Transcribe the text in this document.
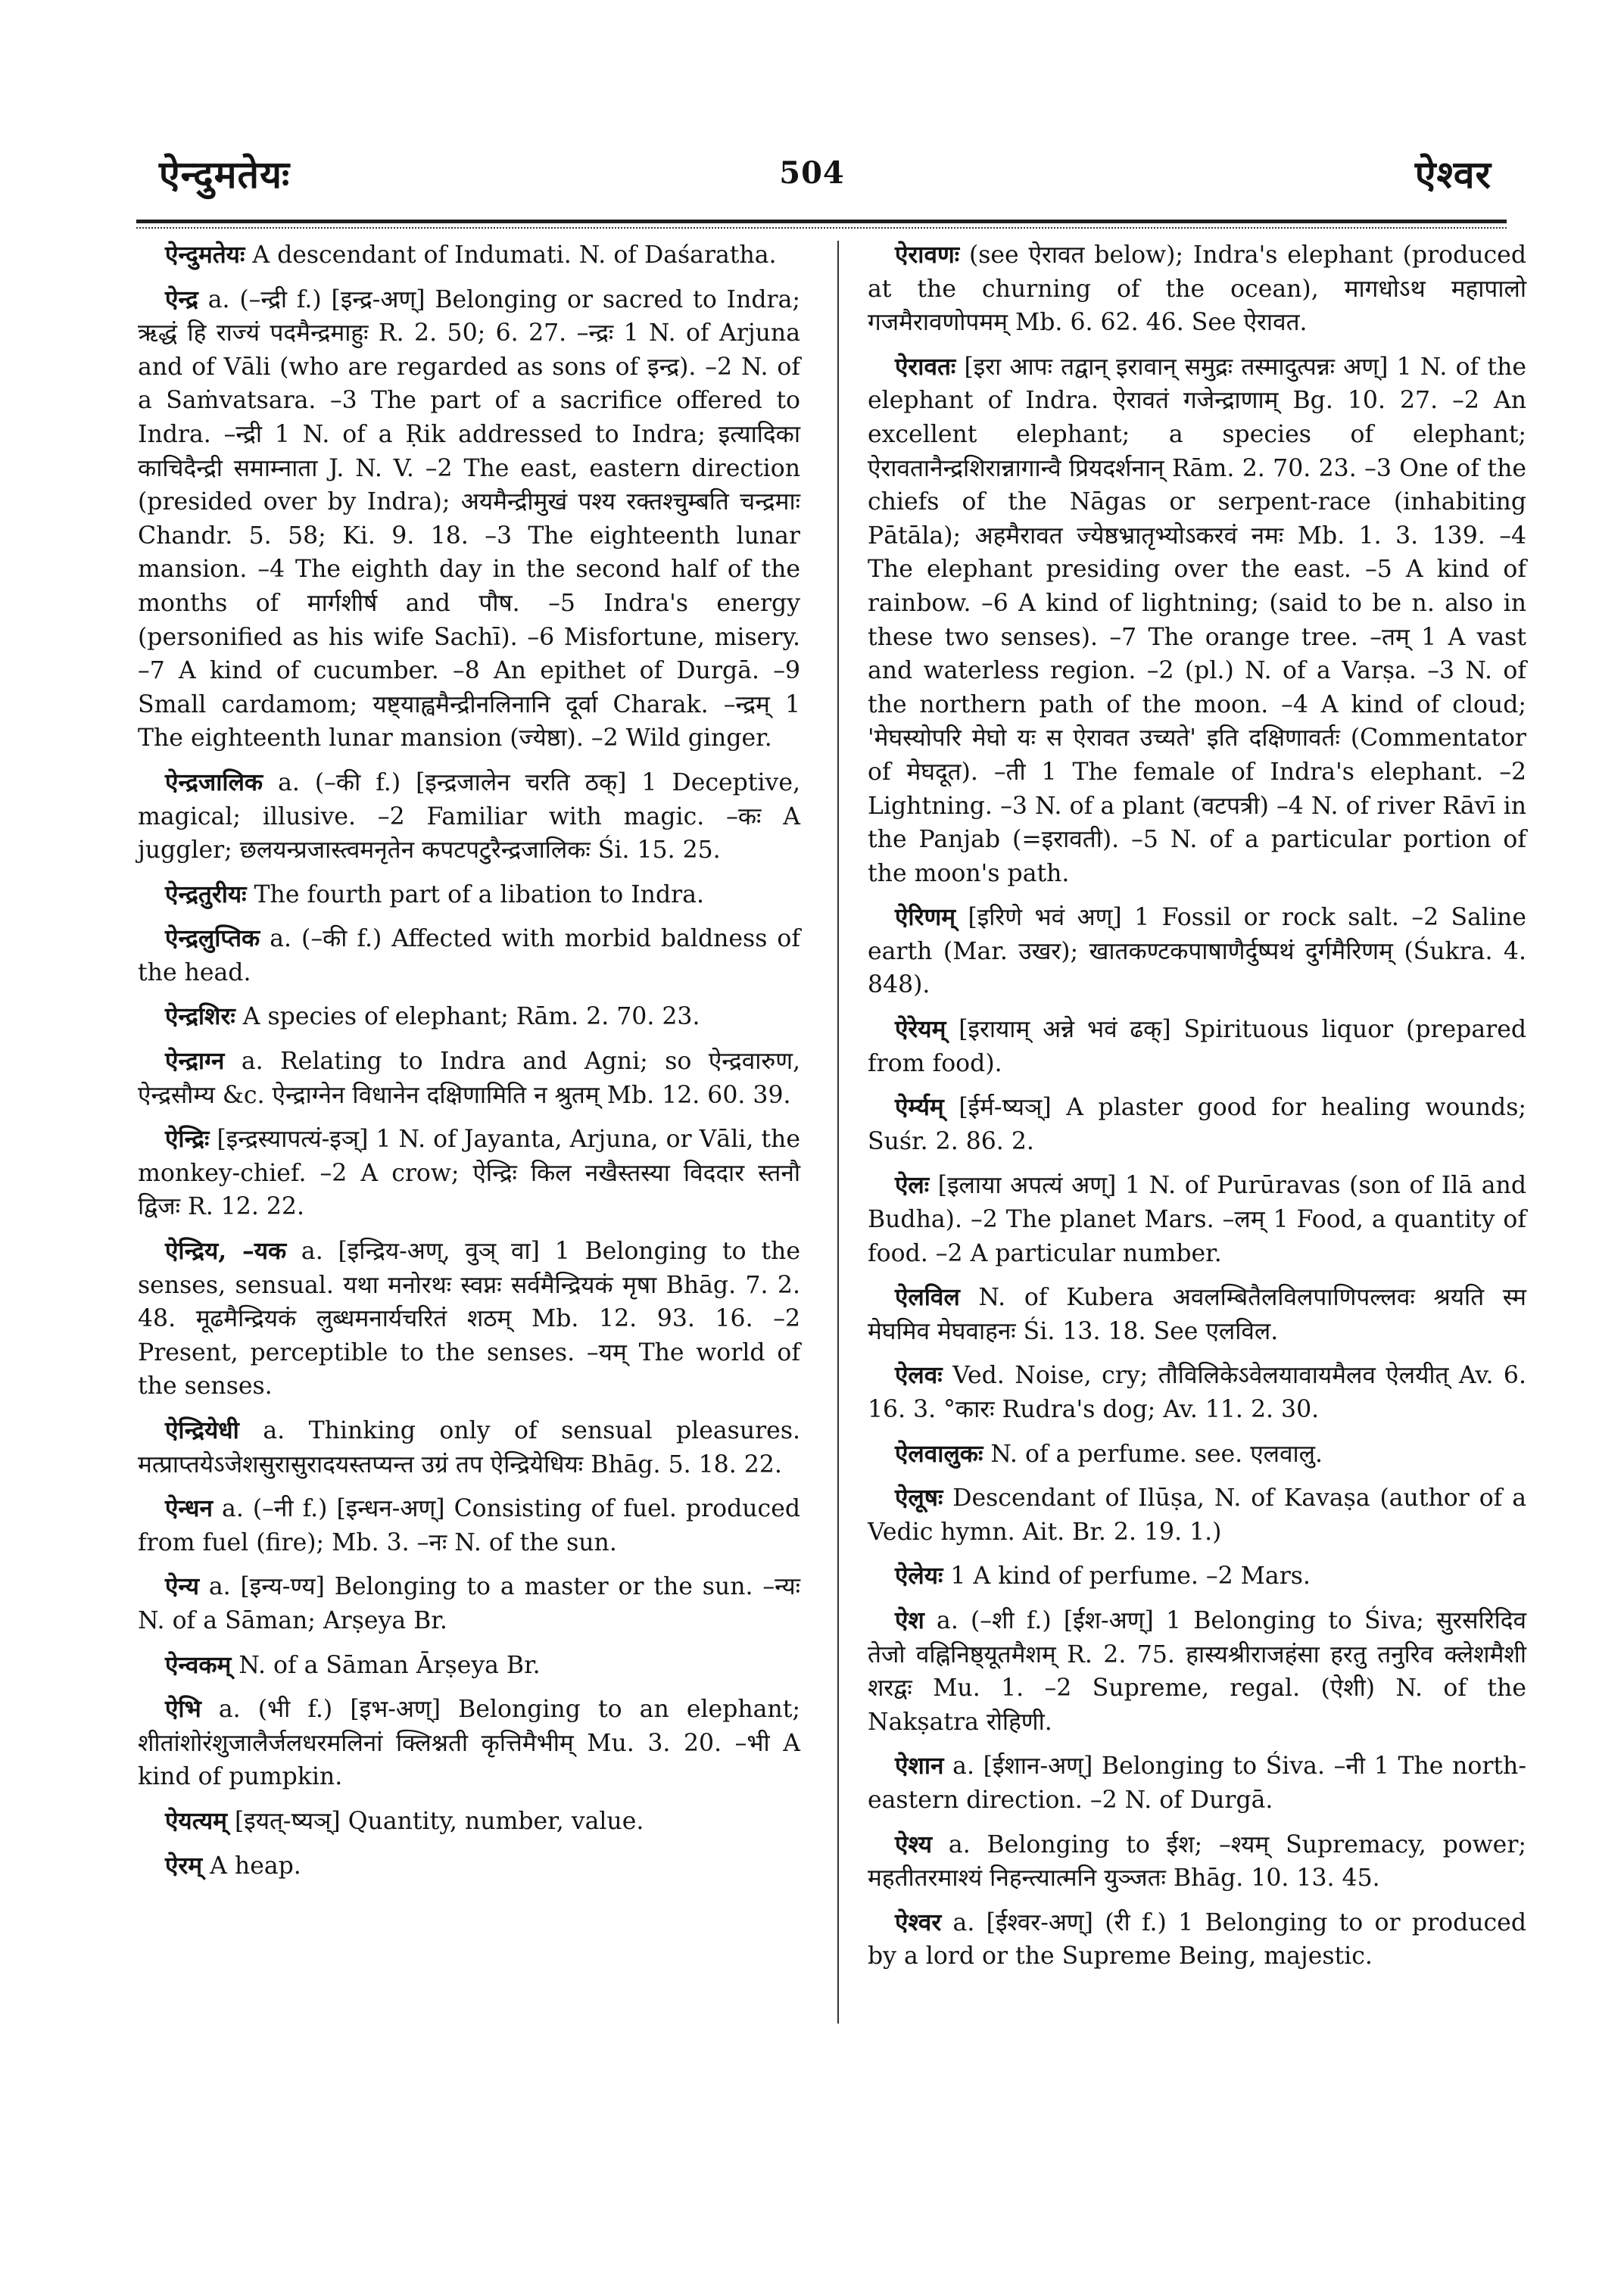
ऐन्दुमतेयः	504	ऐश्वर

ऐन्दुमतेयः A descendant of Indumati. N. of Daśaratha.

ऐन्द्र a. (–न्द्री f.) [इन्द्र-अण्] Belonging or sacred to Indra; ऋद्धं हि राज्यं पदमैन्द्रमाहुः R. 2. 50; 6. 27. –न्द्रः 1 N. of Arjuna and of Vāli (who are regarded as sons of इन्द्र). –2 N. of a Saṁvatsara. –3 The part of a sacrifice offered to Indra. –न्द्री 1 N. of a Ṛik addressed to Indra; इत्यादिका काचिदैन्द्री समाम्नाता J. N. V. –2 The east, eastern direction (presided over by Indra); अयमैन्द्रीमुखं पश्य रक्तश्चुम्बति चन्द्रमाः Chandr. 5. 58; Ki. 9. 18. –3 The eighteenth lunar mansion. –4 The eighth day in the second half of the months of मार्गशीर्ष and पौष. –5 Indra's energy (personified as his wife Sachī). –6 Misfortune, misery. –7 A kind of cucumber. –8 An epithet of Durgā. –9 Small cardamom; यष्ट्याह्वमैन्द्रीनलिनानि दूर्वा Charak. –न्द्रम् 1 The eighteenth lunar mansion (ज्येष्ठा). –2 Wild ginger.

ऐन्द्रजालिक a. (–की f.) [इन्द्रजालेन चरति ठक्] 1 Deceptive, magical; illusive. –2 Familiar with magic. –कः A juggler; छलयन्प्रजास्त्वमनृतेन कपटपटुरैन्द्रजालिकः Śi. 15. 25.

ऐन्द्रतुरीयः The fourth part of a libation to Indra.

ऐन्द्रलुप्तिक a. (–की f.) Affected with morbid baldness of the head.

ऐन्द्रशिरः A species of elephant; Rām. 2. 70. 23.

ऐन्द्राग्न a. Relating to Indra and Agni; so ऐन्द्रवारुण, ऐन्द्रसौम्य &c. ऐन्द्राग्नेन विधानेन दक्षिणामिति न श्रुतम् Mb. 12. 60. 39.

ऐन्द्रिः [इन्द्रस्यापत्यं-इञ्] 1 N. of Jayanta, Arjuna, or Vāli, the monkey-chief. –2 A crow; ऐन्द्रिः किल नखैस्तस्या विददार स्तनौ द्विजः R. 12. 22.

ऐन्द्रिय, –यक a. [इन्द्रिय-अण्, वुञ् वा] 1 Belonging to the senses, sensual. यथा मनोरथः स्वप्नः सर्वमैन्द्रियकं मृषा Bhāg. 7. 2. 48. मूढमैन्द्रियकं लुब्धमनार्यचरितं शठम् Mb. 12. 93. 16. –2 Present, perceptible to the senses. –यम् The world of the senses.

ऐन्द्रियेधी a. Thinking only of sensual pleasures. मत्प्राप्तयेऽजेशसुरासुरादयस्तप्यन्त उग्रं तप ऐन्द्रियेधियः Bhāg. 5. 18. 22.

ऐन्धन a. (–नी f.) [इन्धन-अण्] Consisting of fuel. produced from fuel (fire); Mb. 3. –नः N. of the sun.

ऐन्य a. [इन्य-ण्य] Belonging to a master or the sun. –न्यः N. of a Sāman; Arṣeya Br.

ऐन्वकम् N. of a Sāman Ārṣeya Br.

ऐभि a. (भी f.) [इभ-अण्] Belonging to an elephant; शीतांशोरंशुजालैर्जलधरमलिनां क्लिश्नती कृत्तिमैभीम् Mu. 3. 20. –भी A kind of pumpkin.

ऐयत्यम् [इयत्-ष्यञ्] Quantity, number, value.

ऐरम् A heap.

ऐरावणः (see ऐरावत below); Indra's elephant (produced at the churning of the ocean), मागधोऽथ महापालो गजमैरावणोपमम् Mb. 6. 62. 46. See ऐरावत.

ऐरावतः [इरा आपः तद्वान् इरावान् समुद्रः तस्मादुत्पन्नः अण्] 1 N. of the elephant of Indra. ऐरावतं गजेन्द्राणाम् Bg. 10. 27. –2 An excellent elephant; a species of elephant; ऐरावतानैन्द्रशिरान्नागान्वै प्रियदर्शनान् Rām. 2. 70. 23. –3 One of the chiefs of the Nāgas or serpent-race (inhabiting Pātāla); अहमैरावत ज्येष्ठभ्रातृभ्योऽकरवं नमः Mb. 1. 3. 139. –4 The elephant presiding over the east. –5 A kind of rainbow. –6 A kind of lightning; (said to be n. also in these two senses). –7 The orange tree. –तम् 1 A vast and waterless region. –2 (pl.) N. of a Varṣa. –3 N. of the northern path of the moon. –4 A kind of cloud; 'मेघस्योपरि मेघो यः स ऐरावत उच्यते' इति दक्षिणावर्तः (Commentator of मेघदूत). –ती 1 The female of Indra's elephant. –2 Lightning. –3 N. of a plant (वटपत्री) –4 N. of river Rāvī in the Panjab (=इरावती). –5 N. of a particular portion of the moon's path.

ऐरिणम् [इरिणे भवं अण्] 1 Fossil or rock salt. –2 Saline earth (Mar. उखर); खातकण्टकपाषाणैर्दुष्पथं दुर्गमैरिणम् (Śukra. 4. 848).

ऐरेयम् [इरायाम् अन्ने भवं ढक्] Spirituous liquor (prepared from food).

ऐर्म्यम् [ईर्म-ष्यञ्] A plaster good for healing wounds; Suśr. 2. 86. 2.

ऐलः [इलाया अपत्यं अण्] 1 N. of Purūravas (son of Ilā and Budha). –2 The planet Mars. –लम् 1 Food, a quantity of food. –2 A particular number.

ऐलविल N. of Kubera अवलम्बितैलविलपाणिपल्लवः श्रयति स्म मेघमिव मेघवाहनः Śi. 13. 18. See एलविल.

ऐलवः Ved. Noise, cry; तौविलिकेऽवेलयावायमैलव ऐलयीत् Av. 6. 16. 3. °कारः Rudra's dog; Av. 11. 2. 30.

ऐलवालुकः N. of a perfume. see. एलवालु.

ऐलूषः Descendant of Ilūṣa, N. of Kavaṣa (author of a Vedic hymn. Ait. Br. 2. 19. 1.)

ऐलेयः 1 A kind of perfume. –2 Mars.

ऐश a. (–शी f.) [ईश-अण्] 1 Belonging to Śiva; सुरसरिदिव तेजो वह्निनिष्ठ्यूतमैशम् R. 2. 75. हास्यश्रीराजहंसा हरतु तनुरिव क्लेशमैशी शरद्वः Mu. 1. –2 Supreme, regal. (ऐशी) N. of the Nakṣatra रोहिणी.

ऐशान a. [ईशान-अण्] Belonging to Śiva. –नी 1 The north-eastern direction. –2 N. of Durgā.

ऐश्य a. Belonging to ईश; –श्यम् Supremacy, power; महतीतरमाश्यं निहन्त्यात्मनि युञ्जतः Bhāg. 10. 13. 45.

ऐश्वर a. [ईश्वर-अण्] (री f.) 1 Belonging to or produced by a lord or the Supreme Being, majestic.
